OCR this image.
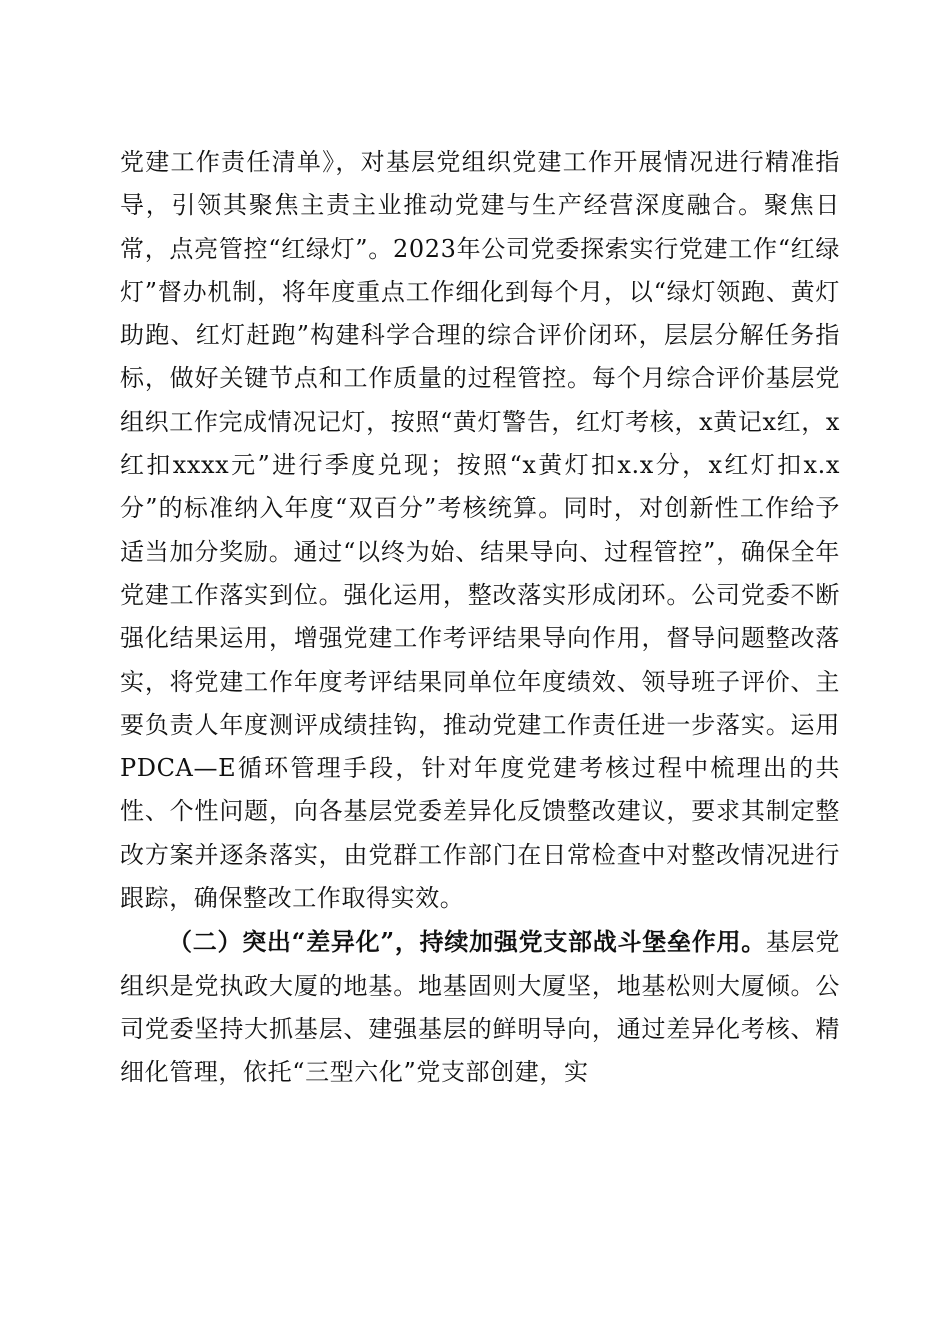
党建工作责任清单》，对基层党组织党建工作开展情况进行精准指导，引领其聚焦主责主业推动党建与生产经营深度融合。聚焦日常，点亮管控“红绿灯”。2023年公司党委探索实行党建工作“红绿灯”督办机制，将年度重点工作细化到每个月，以“绿灯领跑、黄灯助跑、红灯赶跑”构建科学合理的综合评价闭环，层层分解任务指标，做好关键节点和工作质量的过程管控。每个月综合评价基层党组织工作完成情况记灯，按照“黄灯警告，红灯考核，x黄记x红，x红扣xxxx元”进行季度兑现；按照“x黄灯扣x.x分，x红灯扣x.x分”的标准纳入年度“双百分”考核统算。同时，对创新性工作给予适当加分奖励。通过“以终为始、结果导向、过程管控”，确保全年党建工作落实到位。强化运用，整改落实形成闭环。公司党委不断强化结果运用，增强党建工作考评结果导向作用，督导问题整改落实，将党建工作年度考评结果同单位年度绩效、领导班子评价、主要负责人年度测评成绩挂钩，推动党建工作责任进一步落实。运用PDCA—E循环管理手段，针对年度党建考核过程中梳理出的共性、个性问题，向各基层党委差异化反馈整改建议，要求其制定整改方案并逐条落实，由党群工作部门在日常检查中对整改情况进行跟踪，确保整改工作取得实效。

（二）突出“差异化”，持续加强党支部战斗堡垒作用。基层党组织是党执政大厦的地基。地基固则大厦坚，地基松则大厦倾。公司党委坚持大抓基层、建强基层的鲜明导向，通过差异化考核、精细化管理，依托“三型六化”党支部创建，实
